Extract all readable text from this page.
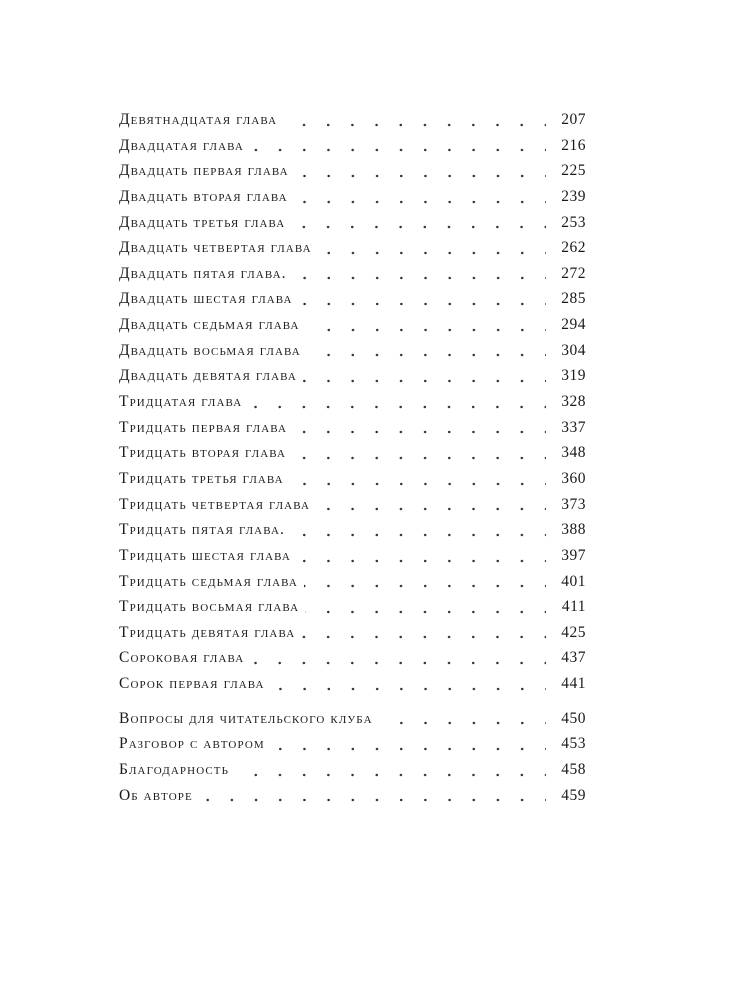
Девятнадцатая глава	207
Двадцатая глава	216
Двадцать первая глава	225
Двадцать вторая глава	239
Двадцать третья глава	253
Двадцать четвертая глава	262
Двадцать пятая глава.	272
Двадцать шестая глава	285
Двадцать седьмая глава	294
Двадцать восьмая глава	304
Двадцать девятая глава	319
Тридцатая глава	328
Тридцать первая глава	337
Тридцать вторая глава	348
Тридцать третья глава	360
Тридцать четвертая глава	373
Тридцать пятая глава.	388
Тридцать шестая глава	397
Тридцать седьмая глава	401
Тридцать восьмая глава	411
Тридцать девятая глава	425
Сороковая глава	437
Сорок первая глава	441
Вопросы для читательского клуба	450
Разговор с автором	453
Благодарность	458
Об авторе	459
